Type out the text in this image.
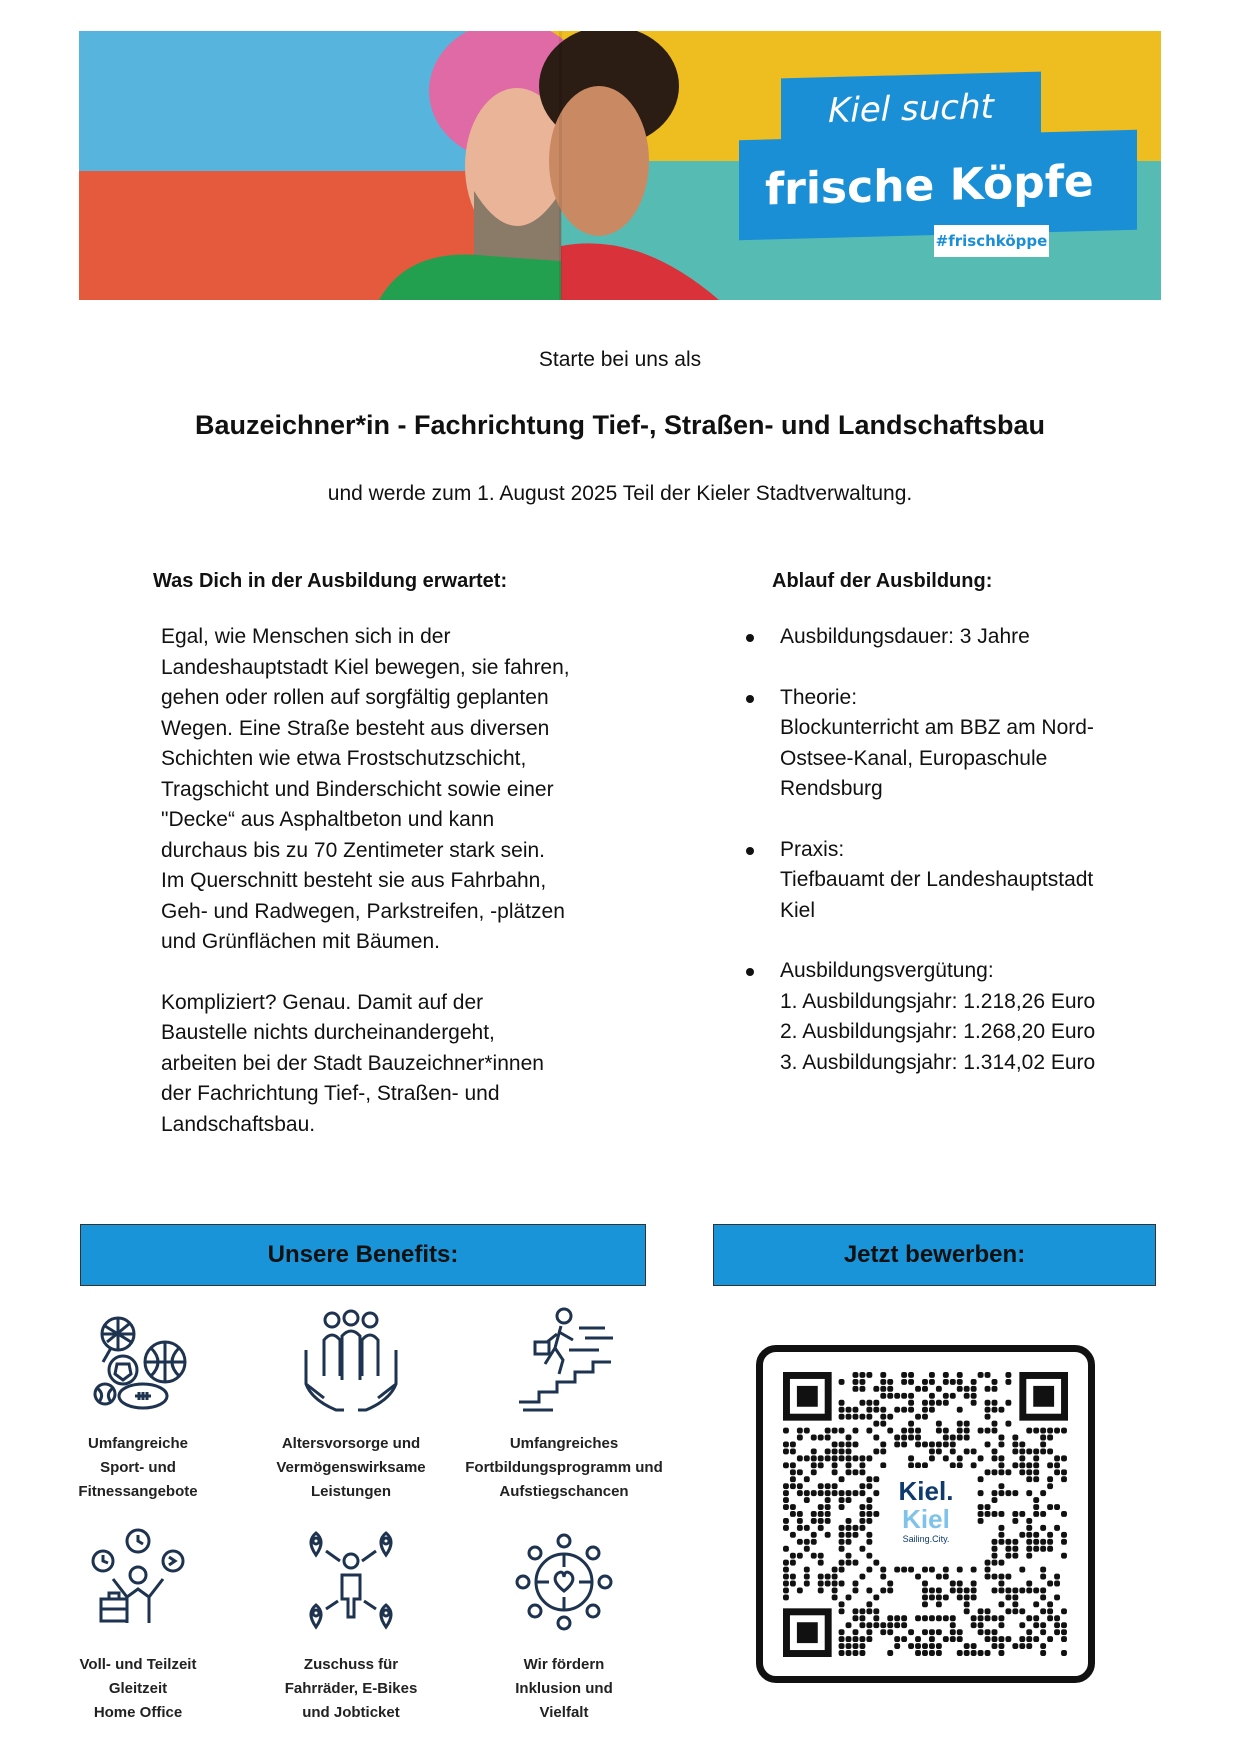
Kiel sucht
frische Köpfe
#frischköppe
Starte bei uns als
Bauzeichner*in - Fachrichtung Tief-, Straßen- und Landschaftsbau
und werde zum 1. August 2025 Teil der Kieler Stadtverwaltung.
Was Dich in der Ausbildung erwartet:

Egal, wie Menschen sich in der
Landeshauptstadt Kiel bewegen, sie fahren,
gehen oder rollen auf sorgfältig geplanten
Wegen. Eine Straße besteht aus diversen
Schichten wie etwa Frostschutzschicht,
Tragschicht und Binderschicht sowie einer
"Decke“ aus Asphaltbeton und kann
durchaus bis zu 70 Zentimeter stark sein.
Im Querschnitt besteht sie aus Fahrbahn,
Geh- und Radwegen, Parkstreifen, -plätzen
und Grünflächen mit Bäumen.

Kompliziert? Genau. Damit auf der
Baustelle nichts durcheinandergeht,
arbeiten bei der Stadt Bauzeichner*innen
der Fachrichtung Tief-, Straßen- und
Landschaftsbau.

Ablauf der Ausbildung:
Ausbildungsdauer: 3 Jahre
Theorie:
Blockunterricht am BBZ am Nord-
Ostsee-Kanal, Europaschule
Rendsburg
Praxis:
Tiefbauamt der Landeshauptstadt
Kiel
Ausbildungsvergütung:
1. Ausbildungsjahr: 1.218,26 Euro
2. Ausbildungsjahr: 1.268,20 Euro
3. Ausbildungsjahr: 1.314,02 Euro
Unsere Benefits:	Jetzt bewerben:
Umfangreiche
Sport- und
Fitnessangebote
Altersvorsorge und
Vermögenswirksame
Leistungen
Umfangreiches
Fortbildungsprogramm und
Aufstiegschancen
Voll- und Teilzeit
Gleitzeit
Home Office
Zuschuss für
Fahrräder, E-Bikes
und Jobticket
Wir fördern
Inklusion und
Vielfalt
Kiel.
Kiel
Sailing.City.
